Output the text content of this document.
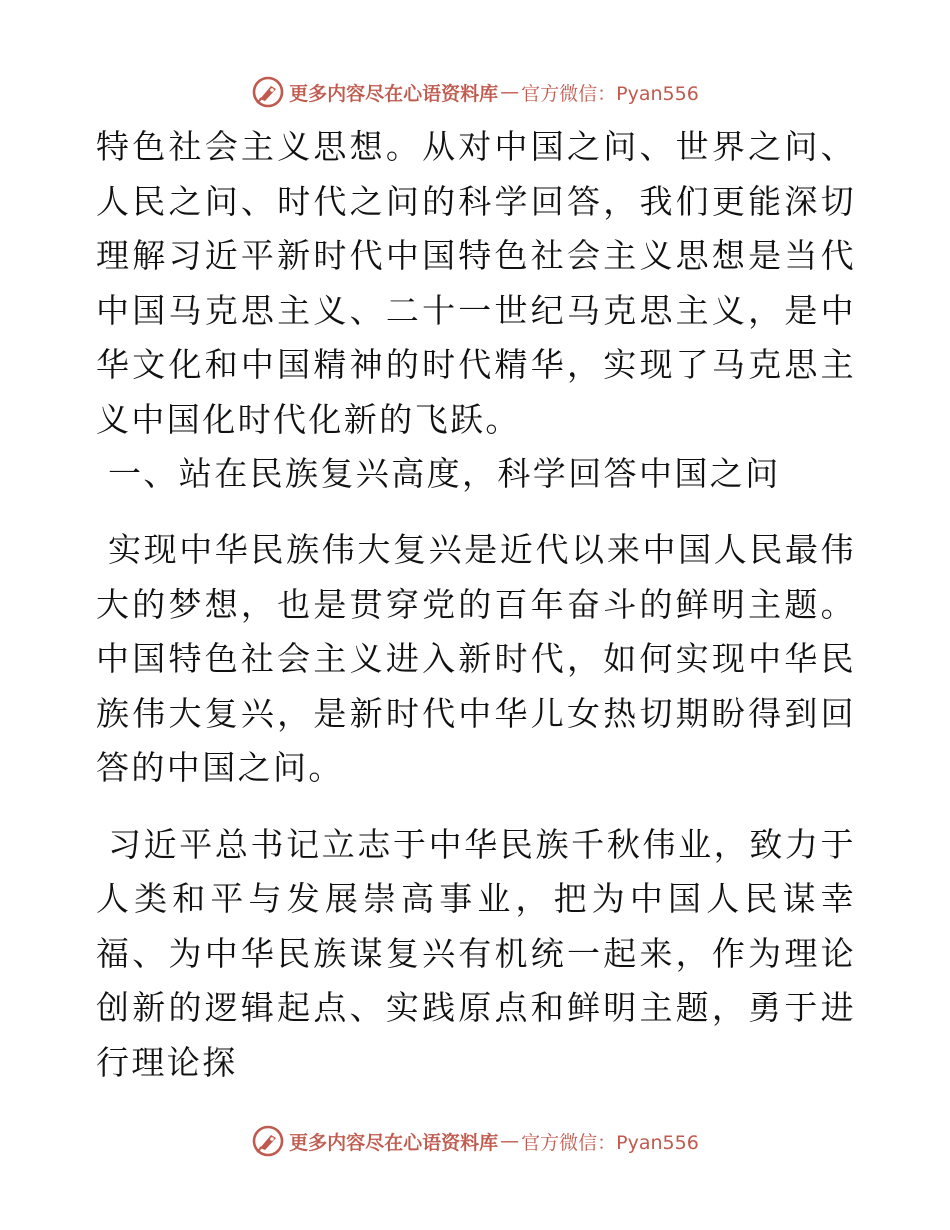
更多内容尽在心语资料库 — 官方微信：Pyan556

特色社会主义思想。从对中国之问、世界之问、人民之问、时代之问的科学回答，我们更能深切理解习近平新时代中国特色社会主义思想是当代中国马克思主义、二十一世纪马克思主义，是中华文化和中国精神的时代精华，实现了马克思主义中国化时代化新的飞跃。

一、站在民族复兴高度，科学回答中国之问

实现中华民族伟大复兴是近代以来中国人民最伟大的梦想，也是贯穿党的百年奋斗的鲜明主题。中国特色社会主义进入新时代，如何实现中华民族伟大复兴，是新时代中华儿女热切期盼得到回答的中国之问。

习近平总书记立志于中华民族千秋伟业，致力于人类和平与发展崇高事业，把为中国人民谋幸福、为中华民族谋复兴有机统一起来，作为理论创新的逻辑起点、实践原点和鲜明主题，勇于进行理论探

更多内容尽在心语资料库 — 官方微信：Pyan556
